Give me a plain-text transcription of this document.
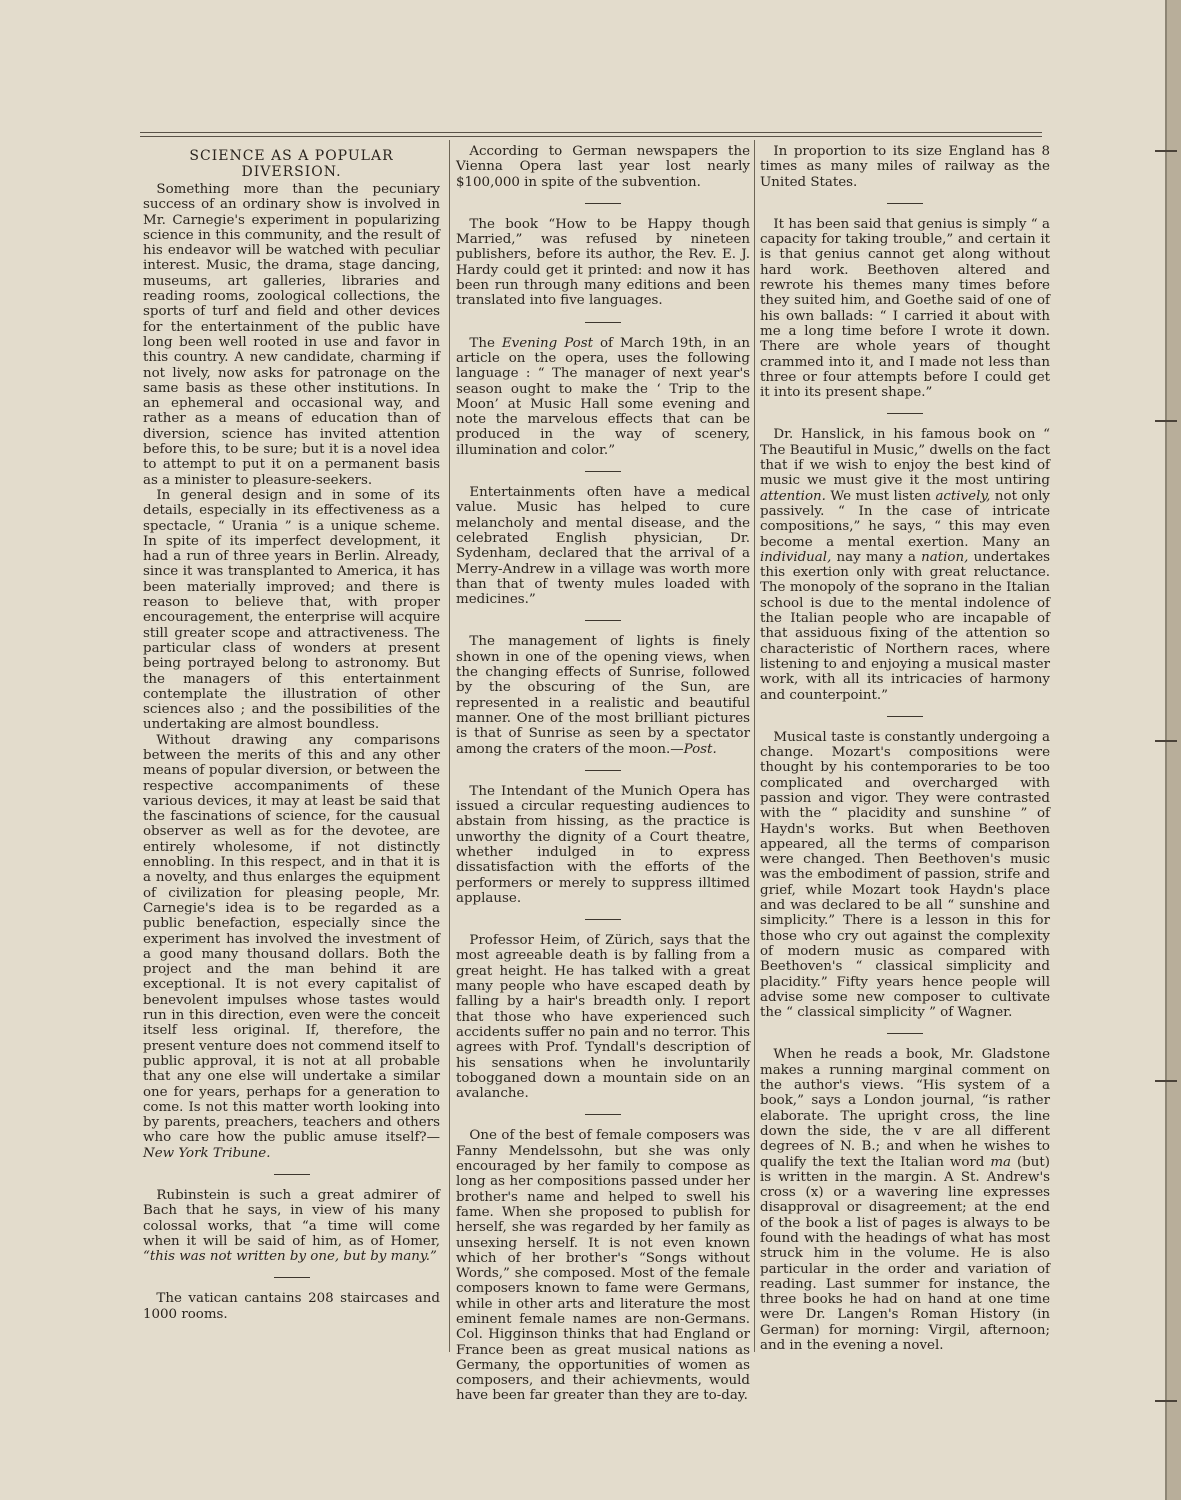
SCIENCE AS A POPULAR DIVERSION.

Something more than the pecuniary success of an ordinary show is involved in Mr. Carnegie's experiment in popularizing science in this community, and the result of his endeavor will be watched with peculiar interest. Music, the drama, stage dancing, museums, art galleries, libraries and reading rooms, zoological collections, the sports of turf and field and other devices for the entertainment of the public have long been well rooted in use and favor in this country. A new candidate, charming if not lively, now asks for patronage on the same basis as these other institutions. In an ephemeral and occasional way, and rather as a means of education than of diversion, science has invited attention before this, to be sure; but it is a novel idea to attempt to put it on a permanent basis as a minister to pleasure-seekers.

In general design and in some of its details, especially in its effectiveness as a spectacle, “ Urania ” is a unique scheme. In spite of its imperfect development, it had a run of three years in Berlin. Already, since it was transplanted to America, it has been materially improved; and there is reason to believe that, with proper encouragement, the enterprise will acquire still greater scope and attractiveness. The particular class of wonders at present being portrayed belong to astronomy. But the managers of this entertainment contemplate the illustration of other sciences also ; and the possibilities of the undertaking are almost boundless.

Without drawing any comparisons between the merits of this and any other means of popular diversion, or between the respective accompaniments of these various devices, it may at least be said that the fascinations of science, for the causual observer as well as for the devotee, are entirely wholesome, if not distinctly ennobling. In this respect, and in that it is a novelty, and thus enlarges the equipment of civilization for pleasing people, Mr. Carnegie's idea is to be regarded as a public benefaction, especially since the experiment has involved the investment of a good many thousand dollars. Both the project and the man behind it are exceptional. It is not every capitalist of benevolent impulses whose tastes would run in this direction, even were the conceit itself less original. If, therefore, the present venture does not commend itself to public approval, it is not at all probable that any one else will undertake a similar one for years, perhaps for a generation to come. Is not this matter worth looking into by parents, preachers, teachers and others who care how the public amuse itself?—New York Tribune.

Rubinstein is such a great admirer of Bach that he says, in view of his many colossal works, that “a time will come when it will be said of him, as of Homer, “this was not written by one, but by many.”

The vatican cantains 208 staircases and 1000 rooms.

According to German newspapers the Vienna Opera last year lost nearly $100,000 in spite of the subvention.

The book “How to be Happy though Married,” was refused by nineteen publishers, before its author, the Rev. E. J. Hardy could get it printed: and now it has been run through many editions and been translated into five languages.

The Evening Post of March 19th, in an article on the opera, uses the following language : “ The manager of next year's season ought to make the ‘ Trip to the Moon’ at Music Hall some evening and note the marvelous effects that can be produced in the way of scenery, illumination and color.”

Entertainments often have a medical value. Music has helped to cure melancholy and mental disease, and the celebrated English physician, Dr. Sydenham, declared that the arrival of a Merry-Andrew in a village was worth more than that of twenty mules loaded with medicines.”

The management of lights is finely shown in one of the opening views, when the changing effects of Sunrise, followed by the obscuring of the Sun, are represented in a realistic and beautiful manner. One of the most brilliant pictures is that of Sunrise as seen by a spectator among the craters of the moon.—Post.

The Intendant of the Munich Opera has issued a circular requesting audiences to abstain from hissing, as the practice is unworthy the dignity of a Court theatre, whether indulged in to express dissatisfaction with the efforts of the performers or merely to suppress illtimed applause.

Professor Heim, of Zürich, says that the most agreeable death is by falling from a great height. He has talked with a great many people who have escaped death by falling by a hair's breadth only. I report that those who have experienced such accidents suffer no pain and no terror. This agrees with Prof. Tyndall's description of his sensations when he involuntarily tobogganed down a mountain side on an avalanche.

One of the best of female composers was Fanny Mendelssohn, but she was only encouraged by her family to compose as long as her compositions passed under her brother's name and helped to swell his fame. When she proposed to publish for herself, she was regarded by her family as unsexing herself. It is not even known which of her brother's “Songs without Words,” she composed. Most of the female composers known to fame were Germans, while in other arts and literature the most eminent female names are non-Germans. Col. Higginson thinks that had England or France been as great musical nations as Germany, the opportunities of women as composers, and their achievments, would have been far greater than they are to-day.

In proportion to its size England has 8 times as many miles of railway as the United States.

It has been said that genius is simply “ a capacity for taking trouble,” and certain it is that genius cannot get along without hard work. Beethoven altered and rewrote his themes many times before they suited him, and Goethe said of one of his own ballads: “ I carried it about with me a long time before I wrote it down. There are whole years of thought crammed into it, and I made not less than three or four attempts before I could get it into its present shape.”

Dr. Hanslick, in his famous book on “ The Beautiful in Music,” dwells on the fact that if we wish to enjoy the best kind of music we must give it the most untiring attention. We must listen actively, not only passively. “ In the case of intricate compositions,” he says, “ this may even become a mental exertion. Many an individual, nay many a nation, undertakes this exertion only with great reluctance. The monopoly of the soprano in the Italian school is due to the mental indolence of the Italian people who are incapable of that assiduous fixing of the attention so characteristic of Northern races, where listening to and enjoying a musical master work, with all its intricacies of harmony and counterpoint.”

Musical taste is constantly undergoing a change. Mozart's compositions were thought by his contemporaries to be too complicated and overcharged with passion and vigor. They were contrasted with the “ placidity and sunshine ” of Haydn's works. But when Beethoven appeared, all the terms of comparison were changed. Then Beethoven's music was the embodiment of passion, strife and grief, while Mozart took Haydn's place and was declared to be all “ sunshine and simplicity.” There is a lesson in this for those who cry out against the complexity of modern music as compared with Beethoven's “ classical simplicity and placidity.” Fifty years hence people will advise some new composer to cultivate the “ classical simplicity ” of Wagner.

When he reads a book, Mr. Gladstone makes a running marginal comment on the author's views. “His system of a book,” says a London journal, “is rather elaborate. The upright cross, the line down the side, the v are all different degrees of N. B.; and when he wishes to qualify the text the Italian word ma (but) is written in the margin. A St. Andrew's cross (x) or a wavering line expresses disapproval or disagreement; at the end of the book a list of pages is always to be found with the headings of what has most struck him in the volume. He is also particular in the order and variation of reading. Last summer for instance, the three books he had on hand at one time were Dr. Langen's Roman History (in German) for morning: Virgil, afternoon; and in the evening a novel.
